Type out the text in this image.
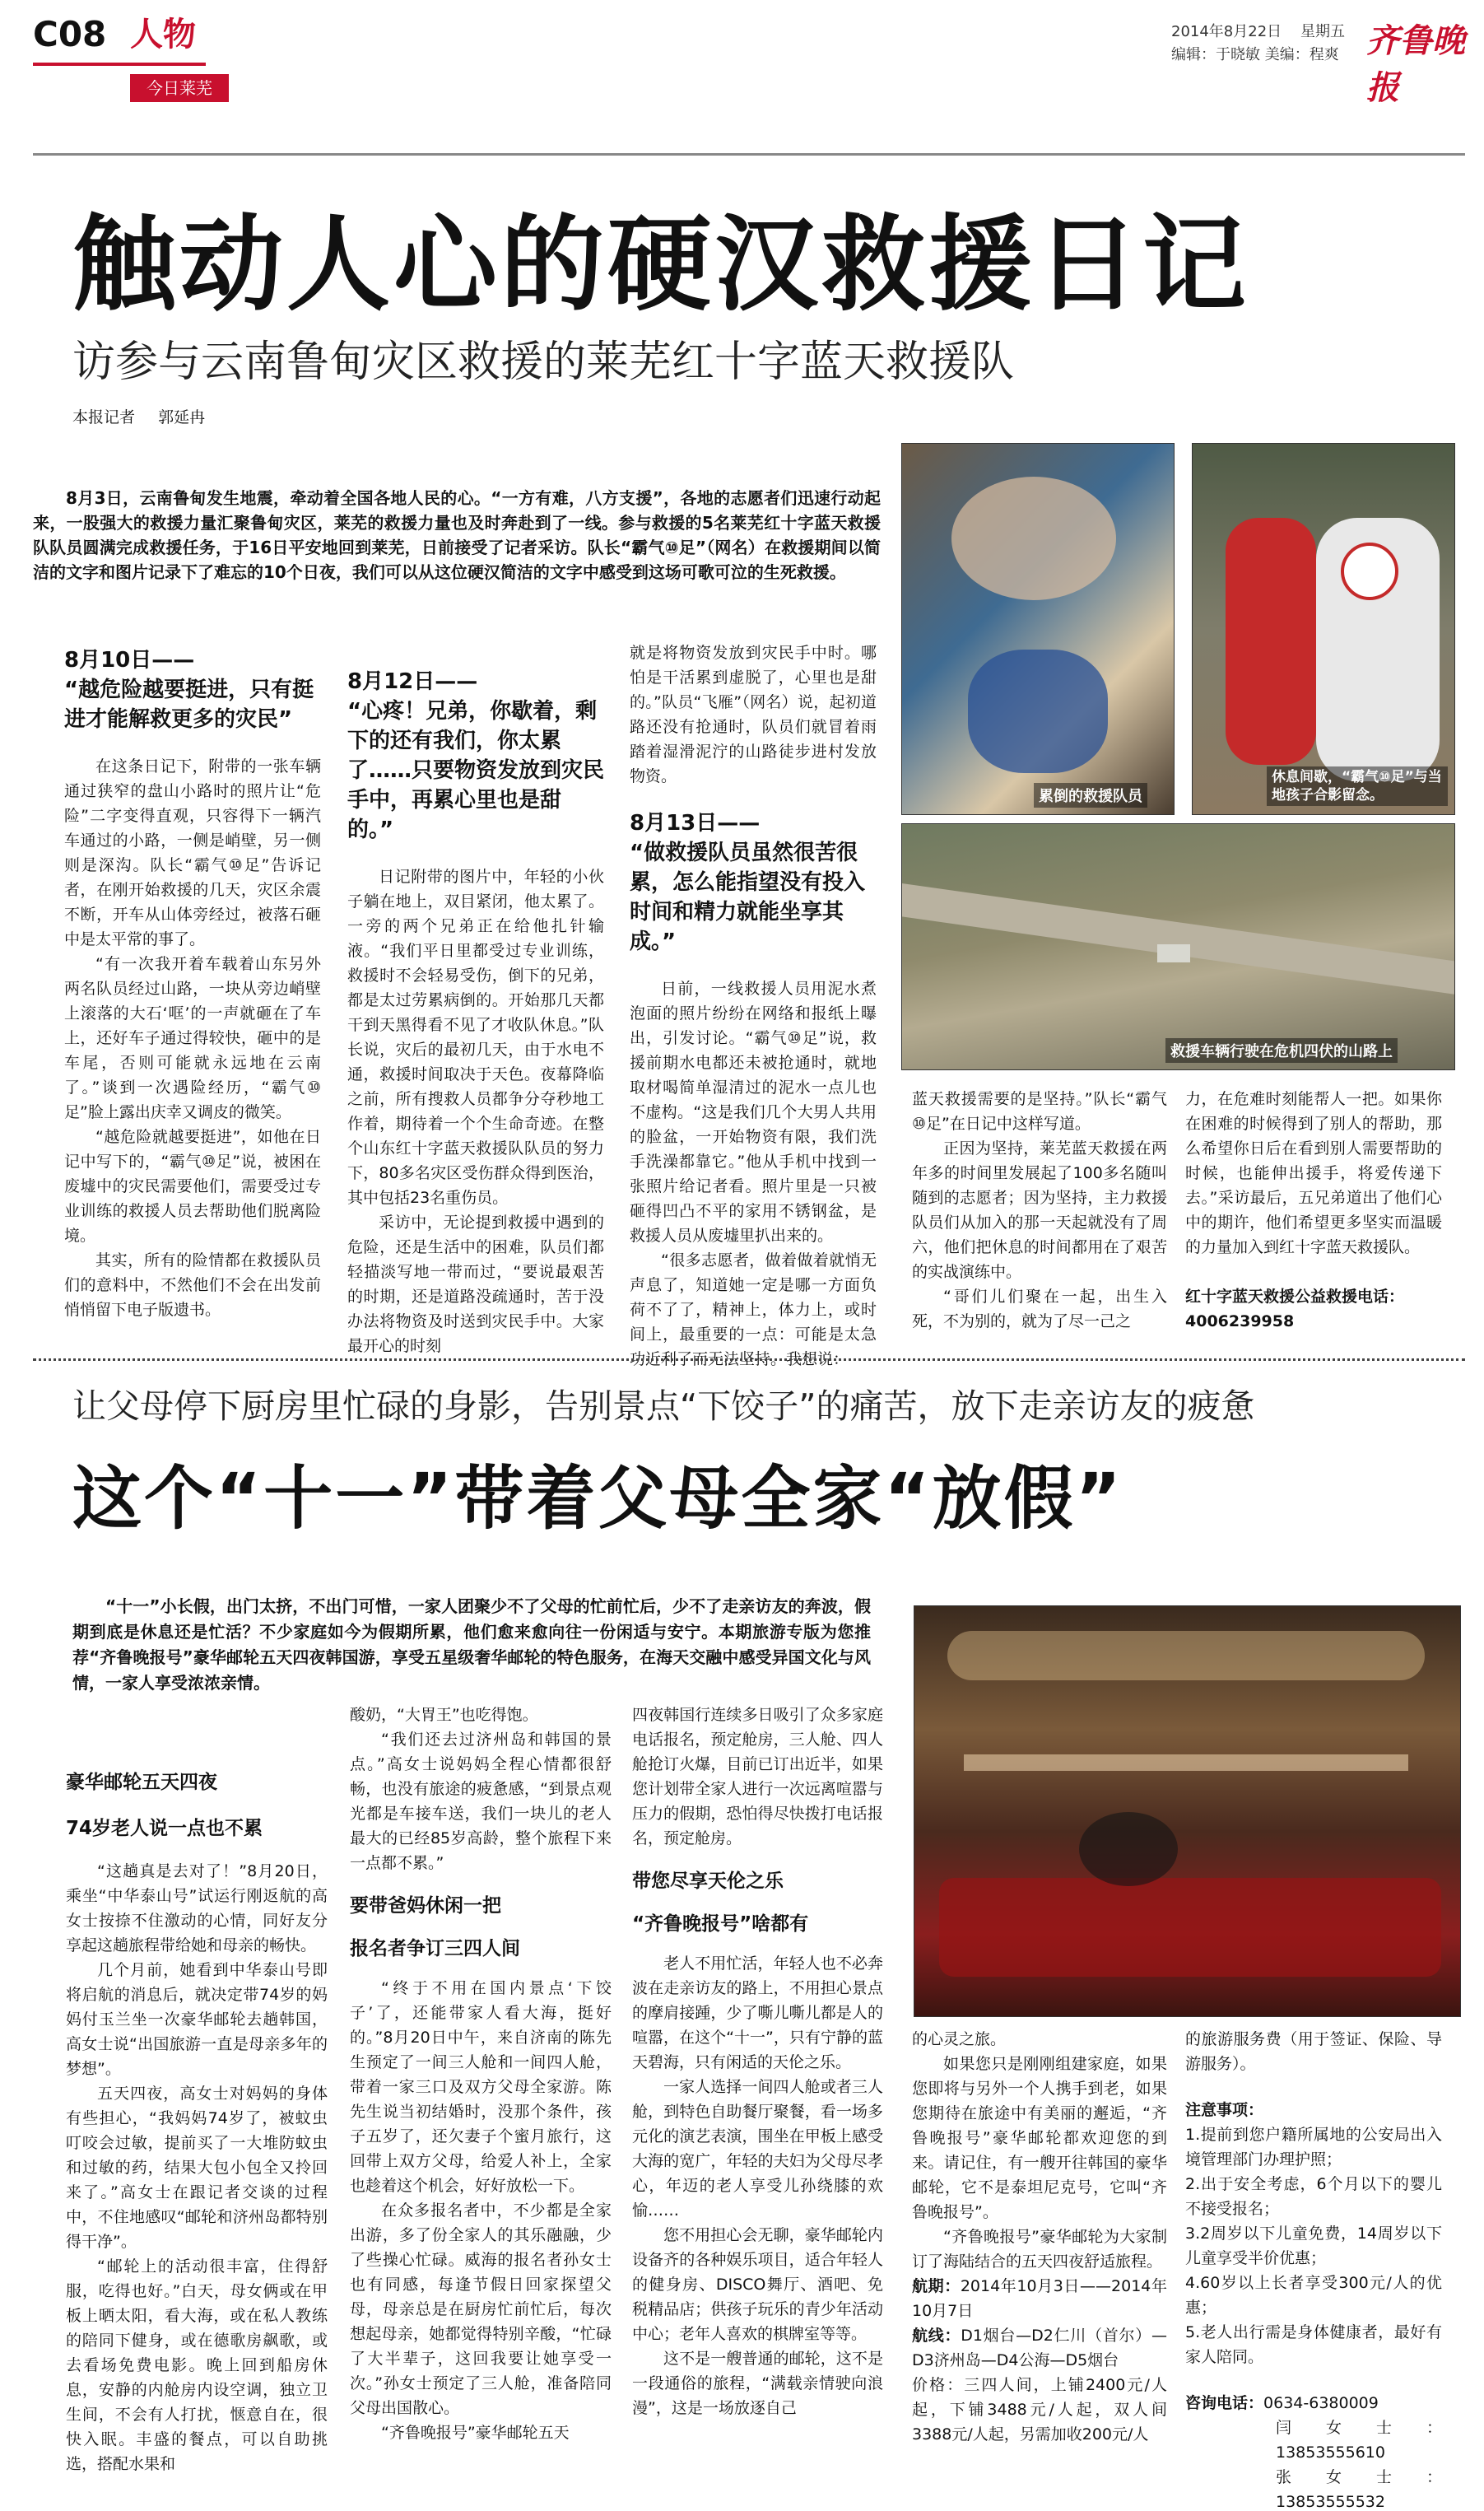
C08 人物
今日莱芜
2014年8月22日 星期五
编辑：于晓敏 美编：程爽 齐鲁晚报
触动人心的硬汉救援日记
访参与云南鲁甸灾区救援的莱芜红十字蓝天救援队
本报记者 郭延冉
8月3日，云南鲁甸发生地震，牵动着全国各地人民的心。“一方有难，八方支援”，各地的志愿者们迅速行动起来，一股强大的救援力量汇聚鲁甸灾区，莱芜的救援力量也及时奔赴到了一线。参与救援的5名莱芜红十字蓝天救援队队员圆满完成救援任务，于16日平安地回到莱芜，日前接受了记者采访。队长“霸气⑩足”（网名）在救援期间以简洁的文字和图片记录下了难忘的10个日夜，我们可以从这位硬汉简洁的文字中感受到这场可歌可泣的生死救援。
8月10日——
“越危险越要挺进，只有挺进才能解救更多的灾民”

在这条日记下，附带的一张车辆通过狭窄的盘山小路时的照片让“危险”二字变得直观，只容得下一辆汽车通过的小路，一侧是峭壁，另一侧则是深沟。队长“霸气⑩足”告诉记者，在刚开始救援的几天，灾区余震不断，开车从山体旁经过，被落石砸中是太平常的事了。

“有一次我开着车载着山东另外两名队员经过山路，一块从旁边峭壁上滚落的大石‘哐’的一声就砸在了车上，还好车子通过得较快，砸中的是车尾，否则可能就永远地在云南了。”谈到一次遇险经历，“霸气⑩足”脸上露出庆幸又调皮的微笑。

“越危险就越要挺进”，如他在日记中写下的，“霸气⑩足”说，被困在废墟中的灾民需要他们，需要受过专业训练的救援人员去帮助他们脱离险境。

其实，所有的险情都在救援队员们的意料中，不然他们不会在出发前悄悄留下电子版遗书。

8月12日——
“心疼！兄弟，你歇着，剩下的还有我们，你太累了……只要物资发放到灾民手中，再累心里也是甜的。”

日记附带的图片中，年轻的小伙子躺在地上，双目紧闭，他太累了。一旁的两个兄弟正在给他扎针输液。“我们平日里都受过专业训练，救援时不会轻易受伤，倒下的兄弟，都是太过劳累病倒的。开始那几天都干到天黑得看不见了才收队休息。”队长说，灾后的最初几天，由于水电不通，救援时间取决于天色。夜幕降临之前，所有搜救人员都争分夺秒地工作着，期待着一个个生命奇迹。在整个山东红十字蓝天救援队队员的努力下，80多名灾区受伤群众得到医治，其中包括23名重伤员。

采访中，无论提到救援中遇到的危险，还是生活中的困难，队员们都轻描淡写地一带而过，“要说最艰苦的时期，还是道路没疏通时，苦于没办法将物资及时送到灾民手中。大家最开心的时刻

就是将物资发放到灾民手中时。哪怕是干活累到虚脱了，心里也是甜的。”队员“飞雁”（网名）说，起初道路还没有抢通时，队员们就冒着雨踏着湿滑泥泞的山路徒步进村发放物资。

8月13日——
“做救援队员虽然很苦很累，怎么能指望没有投入时间和精力就能坐享其成。”

日前，一线救援人员用泥水煮泡面的照片纷纷在网络和报纸上曝出，引发讨论。“霸气⑩足”说，救援前期水电都还未被抢通时，就地取材喝简单湿清过的泥水一点儿也不虚构。“这是我们几个大男人共用的脸盆，一开始物资有限，我们洗手洗澡都靠它。”他从手机中找到一张照片给记者看。照片里是一只被砸得凹凸不平的家用不锈钢盆，是救援人员从废墟里扒出来的。

“很多志愿者，做着做着就悄无声息了，知道她一定是哪一方面负荷不了了，精神上，体力上，或时间上，最重要的一点：可能是太急功近利了而无法坚持。我想说：

累倒的救援队员
休息间歇，“霸气⑩足”与当地孩子合影留念。
救援车辆行驶在危机四伏的山路上

蓝天救援需要的是坚持。”队长“霸气⑩足”在日记中这样写道。

正因为坚持，莱芜蓝天救援在两年多的时间里发展起了100多名随叫随到的志愿者；因为坚持，主力救援队员们从加入的那一天起就没有了周六，他们把休息的时间都用在了艰苦的实战演练中。

“哥们儿们聚在一起，出生入死，不为别的，就为了尽一己之

力，在危难时刻能帮人一把。如果你在困难的时候得到了别人的帮助，那么希望你日后在看到别人需要帮助的时候，也能伸出援手，将爱传递下去。”采访最后，五兄弟道出了他们心中的期许，他们希望更多坚实而温暖的力量加入到红十字蓝天救援队。

红十字蓝天救援公益救援电话：

4006239958

让父母停下厨房里忙碌的身影，告别景点“下饺子”的痛苦，放下走亲访友的疲惫
这个“十一”带着父母全家“放假”
“十一”小长假，出门太挤，不出门可惜，一家人团聚少不了父母的忙前忙后，少不了走亲访友的奔波，假期到底是休息还是忙活？不少家庭如今为假期所累，他们愈来愈向往一份闲适与安宁。本期旅游专版为您推荐“齐鲁晚报号”豪华邮轮五天四夜韩国游，享受五星级奢华邮轮的特色服务，在海天交融中感受异国文化与风情，一家人享受浓浓亲情。
豪华邮轮五天四夜
74岁老人说一点也不累

“这趟真是去对了！”8月20日，乘坐“中华泰山号”试运行刚返航的高女士按捺不住激动的心情，同好友分享起这趟旅程带给她和母亲的畅快。

几个月前，她看到中华泰山号即将启航的消息后，就决定带74岁的妈妈付玉兰坐一次豪华邮轮去趟韩国，高女士说“出国旅游一直是母亲多年的梦想”。

五天四夜，高女士对妈妈的身体有些担心，“我妈妈74岁了，被蚊虫叮咬会过敏，提前买了一大堆防蚊虫和过敏的药，结果大包小包全又拎回来了。”高女士在跟记者交谈的过程中，不住地感叹“邮轮和济州岛都特别得干净”。

“邮轮上的活动很丰富，住得舒服，吃得也好。”白天，母女俩或在甲板上晒太阳，看大海，或在私人教练的陪同下健身，或在德歌房飙歌，或去看场免费电影。晚上回到船房休息，安静的内舱房内设空调，独立卫生间，不会有人打扰，惬意自在，很快入眠。丰盛的餐点，可以自助挑选，搭配水果和

酸奶，“大胃王”也吃得饱。

“我们还去过济州岛和韩国的景点。”高女士说妈妈全程心情都很舒畅，也没有旅途的疲惫感，“到景点观光都是车接车送，我们一块儿的老人最大的已经85岁高龄，整个旅程下来一点都不累。”

要带爸妈休闲一把
报名者争订三四人间

“终于不用在国内景点‘下饺子’了，还能带家人看大海，挺好的。”8月20日中午，来自济南的陈先生预定了一间三人舱和一间四人舱，带着一家三口及双方父母全家游。陈先生说当初结婚时，没那个条件，孩子五岁了，还欠妻子个蜜月旅行，这回带上双方父母，给爱人补上，全家也趁着这个机会，好好放松一下。

在众多报名者中，不少都是全家出游，多了份全家人的其乐融融，少了些操心忙碌。威海的报名者孙女士也有同感，每逢节假日回家探望父母，母亲总是在厨房忙前忙后，每次想起母亲，她都觉得特别辛酸，“忙碌了大半辈子，这回我要让她享受一次。”孙女士预定了三人舱，准备陪同父母出国散心。

“齐鲁晚报号”豪华邮轮五天

四夜韩国行连续多日吸引了众多家庭电话报名，预定舱房，三人舱、四人舱抢订火爆，目前已订出近半，如果您计划带全家人进行一次远离喧嚣与压力的假期，恐怕得尽快拨打电话报名，预定舱房。

带您尽享天伦之乐
“齐鲁晚报号”啥都有

老人不用忙活，年轻人也不必奔波在走亲访友的路上，不用担心景点的摩肩接踵，少了嘶儿嘶儿都是人的喧嚣，在这个“十一”，只有宁静的蓝天碧海，只有闲适的天伦之乐。

一家人选择一间四人舱或者三人舱，到特色自助餐厅聚餐，看一场多元化的演艺表演，围坐在甲板上感受大海的宽广，年轻的夫妇为父母尽孝心，年迈的老人享受儿孙绕膝的欢愉……

您不用担心会无聊，豪华邮轮内设备齐的各种娱乐项目，适合年轻人的健身房、DISCO舞厅、酒吧、免税精品店；供孩子玩乐的青少年活动中心；老年人喜欢的棋牌室等等。

这不是一艘普通的邮轮，这不是一段通俗的旅程，“满载亲情驶向浪漫”，这是一场放逐自己

的心灵之旅。

如果您只是刚刚组建家庭，如果您即将与另外一个人携手到老，如果您期待在旅途中有美丽的邂逅，“齐鲁晚报号”豪华邮轮都欢迎您的到来。请记住，有一艘开往韩国的豪华邮轮，它不是泰坦尼克号，它叫“齐鲁晚报号”。

“齐鲁晚报号”豪华邮轮为大家制订了海陆结合的五天四夜舒适旅程。

航期：2014年10月3日——2014年10月7日

航线：D1烟台—D2仁川（首尔）—D3济州岛—D4公海—D5烟台

价格：三四人间，上铺2400元/人起，下铺3488元/人起，双人间3388元/人起，另需加收200元/人

的旅游服务费（用于签证、保险、导游服务）。

注意事项：

1.提前到您户籍所属地的公安局出入境管理部门办理护照；

2.出于安全考虑，6个月以下的婴儿不接受报名；

3.2周岁以下儿童免费，14周岁以下儿童享受半价优惠；

4.60岁以上长者享受300元/人的优惠；

5.老人出行需是身体健康者，最好有家人陪同。

咨询电话：0634-6380009

闫女士：13853555610

张女士：13853555532
